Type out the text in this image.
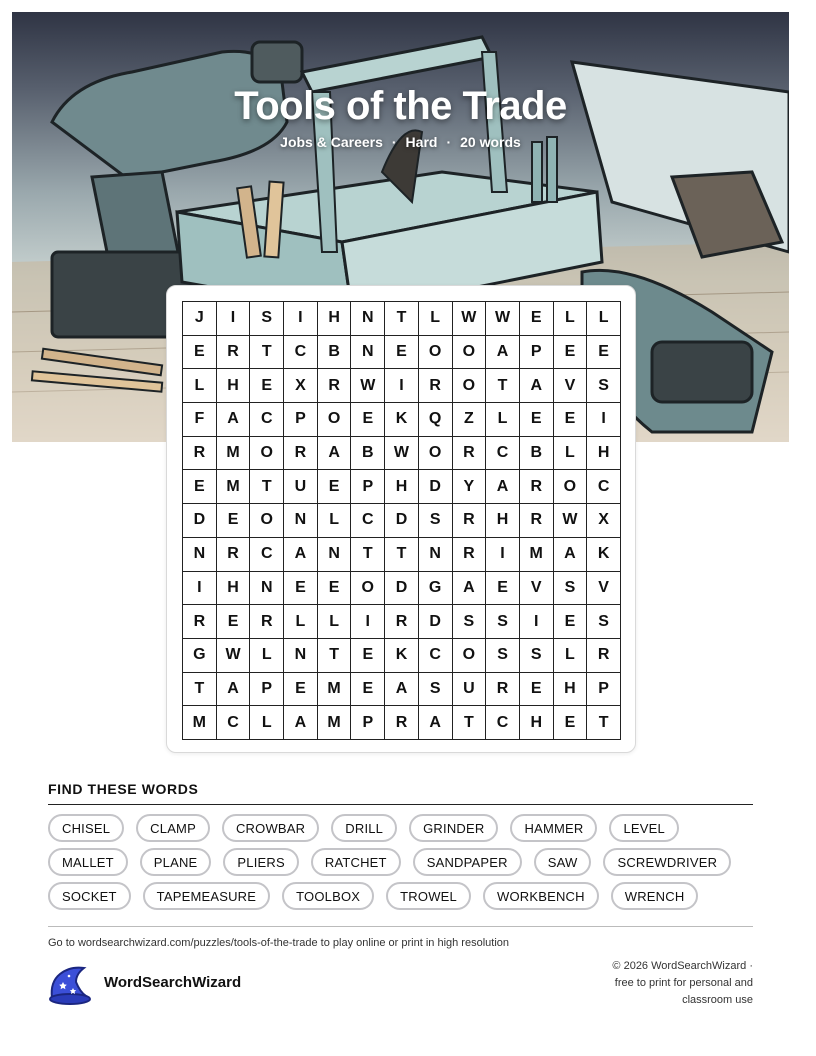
Tools of the Trade
Jobs & Careers · Hard · 20 words
J	I	S	I	H	N	T	L	W	W	E	L	L
E	R	T	C	B	N	E	O	O	A	P	E	E
L	H	E	X	R	W	I	R	O	T	A	V	S
F	A	C	P	O	E	K	Q	Z	L	E	E	I
R	M	O	R	A	B	W	O	R	C	B	L	H
E	M	T	U	E	P	H	D	Y	A	R	O	C
D	E	O	N	L	C	D	S	R	H	R	W	X
N	R	C	A	N	T	T	N	R	I	M	A	K
I	H	N	E	E	O	D	G	A	E	V	S	V
R	E	R	L	L	I	R	D	S	S	I	E	S
G	W	L	N	T	E	K	C	O	S	S	L	R
T	A	P	E	M	E	A	S	U	R	E	H	P
M	C	L	A	M	P	R	A	T	C	H	E	T
FIND THESE WORDS
CHISEL	CLAMP	CROWBAR	DRILL	GRINDER	HAMMER	LEVEL
MALLET	PLANE	PLIERS	RATCHET	SANDPAPER	SAW	SCREWDRIVER
SOCKET	TAPEMEASURE	TOOLBOX	TROWEL	WORKBENCH	WRENCH
Go to wordsearchwizard.com/puzzles/tools-of-the-trade to play online or print in high resolution
WordSearchWizard
© 2026 WordSearchWizard ·
free to print for personal and
classroom use
